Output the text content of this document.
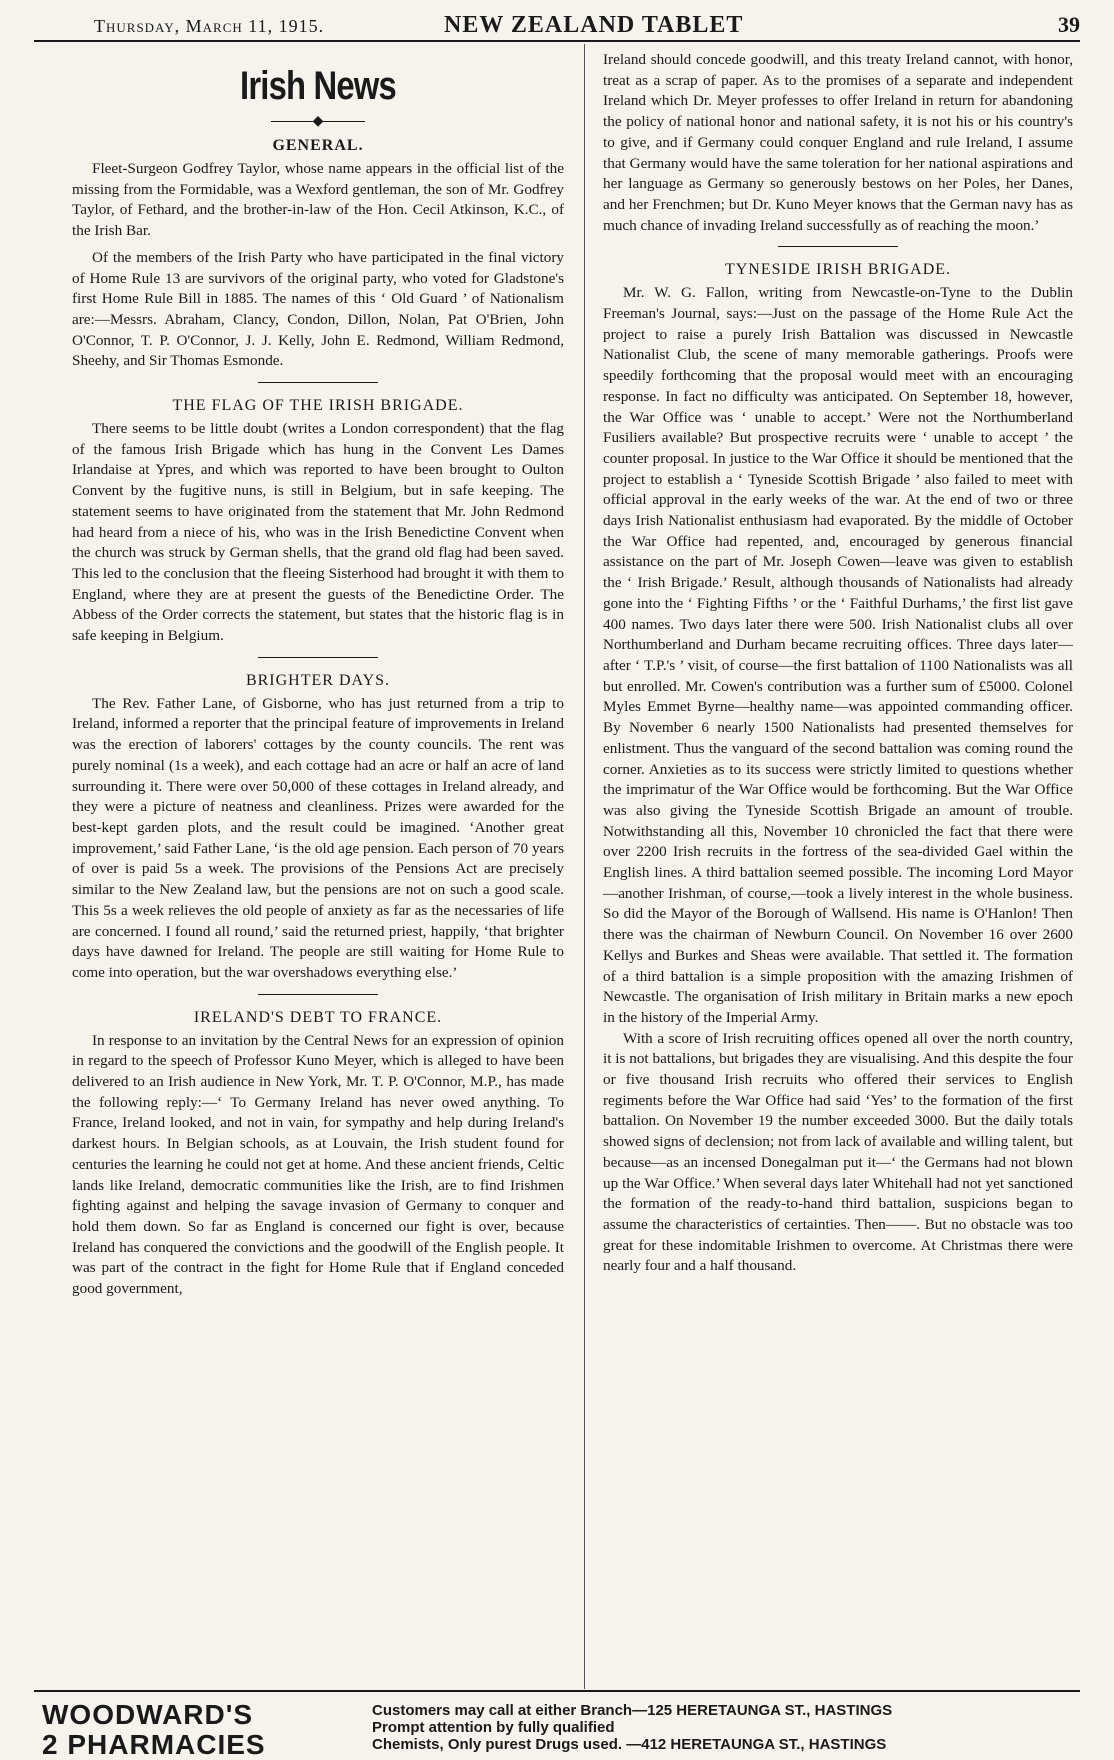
Thursday, March 11, 1915.	NEW ZEALAND TABLET	39
Irish News
◆
GENERAL.

Fleet-Surgeon Godfrey Taylor, whose name appears in the official list of the missing from the Formidable, was a Wexford gentleman, the son of Mr. Godfrey Taylor, of Fethard, and the brother-in-law of the Hon. Cecil Atkinson, K.C., of the Irish Bar.

Of the members of the Irish Party who have participated in the final victory of Home Rule 13 are survivors of the original party, who voted for Gladstone's first Home Rule Bill in 1885. The names of this ‘ Old Guard ’ of Nationalism are:—Messrs. Abraham, Clancy, Condon, Dillon, Nolan, Pat O'Brien, John O'Connor, T. P. O'Connor, J. J. Kelly, John E. Redmond, William Redmond, Sheehy, and Sir Thomas Esmonde.

THE FLAG OF THE IRISH BRIGADE.

There seems to be little doubt (writes a London correspondent) that the flag of the famous Irish Brigade which has hung in the Convent Les Dames Irlandaise at Ypres, and which was reported to have been brought to Oulton Convent by the fugitive nuns, is still in Belgium, but in safe keeping. The statement seems to have originated from the statement that Mr. John Redmond had heard from a niece of his, who was in the Irish Benedictine Convent when the church was struck by German shells, that the grand old flag had been saved. This led to the conclusion that the fleeing Sisterhood had brought it with them to England, where they are at present the guests of the Benedictine Order. The Abbess of the Order corrects the statement, but states that the historic flag is in safe keeping in Belgium.

BRIGHTER DAYS.

The Rev. Father Lane, of Gisborne, who has just returned from a trip to Ireland, informed a reporter that the principal feature of improvements in Ireland was the erection of laborers' cottages by the county councils. The rent was purely nominal (1s a week), and each cottage had an acre or half an acre of land surrounding it. There were over 50,000 of these cottages in Ireland already, and they were a picture of neatness and cleanliness. Prizes were awarded for the best-kept garden plots, and the result could be imagined. ‘Another great improvement,’ said Father Lane, ‘is the old age pension. Each person of 70 years of over is paid 5s a week. The provisions of the Pensions Act are precisely similar to the New Zealand law, but the pensions are not on such a good scale. This 5s a week relieves the old people of anxiety as far as the necessaries of life are concerned. I found all round,’ said the returned priest, happily, ‘that brighter days have dawned for Ireland. The people are still waiting for Home Rule to come into operation, but the war overshadows everything else.’

IRELAND'S DEBT TO FRANCE.

In response to an invitation by the Central News for an expression of opinion in regard to the speech of Professor Kuno Meyer, which is alleged to have been delivered to an Irish audience in New York, Mr. T. P. O'Connor, M.P., has made the following reply:—‘ To Germany Ireland has never owed anything. To France, Ireland looked, and not in vain, for sympathy and help during Ireland's darkest hours. In Belgian schools, as at Louvain, the Irish student found for centuries the learning he could not get at home. And these ancient friends, Celtic lands like Ireland, democratic communities like the Irish, are to find Irishmen fighting against and helping the savage invasion of Germany to conquer and hold them down. So far as England is concerned our fight is over, because Ireland has conquered the convictions and the goodwill of the English people. It was part of the contract in the fight for Home Rule that if England conceded good government,

Ireland should concede goodwill, and this treaty Ireland cannot, with honor, treat as a scrap of paper. As to the promises of a separate and independent Ireland which Dr. Meyer professes to offer Ireland in return for abandoning the policy of national honor and national safety, it is not his or his country's to give, and if Germany could conquer England and rule Ireland, I assume that Germany would have the same toleration for her national aspirations and her language as Germany so generously bestows on her Poles, her Danes, and her Frenchmen; but Dr. Kuno Meyer knows that the German navy has as much chance of invading Ireland successfully as of reaching the moon.’

TYNESIDE IRISH BRIGADE.

Mr. W. G. Fallon, writing from Newcastle-on-Tyne to the Dublin Freeman's Journal, says:—Just on the passage of the Home Rule Act the project to raise a purely Irish Battalion was discussed in Newcastle Nationalist Club, the scene of many memorable gatherings. Proofs were speedily forthcoming that the proposal would meet with an encouraging response. In fact no difficulty was anticipated. On September 18, however, the War Office was ‘ unable to accept.’ Were not the Northumberland Fusiliers available? But prospective recruits were ‘ unable to accept ’ the counter proposal. In justice to the War Office it should be mentioned that the project to establish a ‘ Tyneside Scottish Brigade ’ also failed to meet with official approval in the early weeks of the war. At the end of two or three days Irish Nationalist enthusiasm had evaporated. By the middle of October the War Office had repented, and, encouraged by generous financial assistance on the part of Mr. Joseph Cowen—leave was given to establish the ‘ Irish Brigade.’ Result, although thousands of Nationalists had already gone into the ‘ Fighting Fifths ’ or the ‘ Faithful Durhams,’ the first list gave 400 names. Two days later there were 500. Irish Nationalist clubs all over Northumberland and Durham became recruiting offices. Three days later—after ‘ T.P.'s ’ visit, of course—the first battalion of 1100 Nationalists was all but enrolled. Mr. Cowen's contribution was a further sum of £5000. Colonel Myles Emmet Byrne—healthy name—was appointed commanding officer. By November 6 nearly 1500 Nationalists had presented themselves for enlistment. Thus the vanguard of the second battalion was coming round the corner. Anxieties as to its success were strictly limited to questions whether the imprimatur of the War Office would be forthcoming. But the War Office was also giving the Tyneside Scottish Brigade an amount of trouble. Notwithstanding all this, November 10 chronicled the fact that there were over 2200 Irish recruits in the fortress of the sea-divided Gael within the English lines. A third battalion seemed possible. The incoming Lord Mayor —another Irishman, of course,—took a lively interest in the whole business. So did the Mayor of the Borough of Wallsend. His name is O'Hanlon! Then there was the chairman of Newburn Council. On November 16 over 2600 Kellys and Burkes and Sheas were available. That settled it. The formation of a third battalion is a simple proposition with the amazing Irishmen of Newcastle. The organisation of Irish military in Britain marks a new epoch in the history of the Imperial Army.

With a score of Irish recruiting offices opened all over the north country, it is not battalions, but brigades they are visualising. And this despite the four or five thousand Irish recruits who offered their services to English regiments before the War Office had said ‘Yes’ to the formation of the first battalion. On November 19 the number exceeded 3000. But the daily totals showed signs of declension; not from lack of available and willing talent, but because—as an incensed Donegalman put it—‘ the Germans had not blown up the War Office.’ When several days later Whitehall had not yet sanctioned the formation of the ready-to-hand third battalion, suspicions began to assume the characteristics of certainties. Then——. But no obstacle was too great for these indomitable Irishmen to overcome. At Christmas there were nearly four and a half thousand.

WOODWARD'S
2 PHARMACIES
Customers may call at either Branch—125 HERETAUNGA ST., HASTINGS
Prompt attention by fully qualified
Chemists, Only purest Drugs used. —412 HERETAUNGA ST., HASTINGS
